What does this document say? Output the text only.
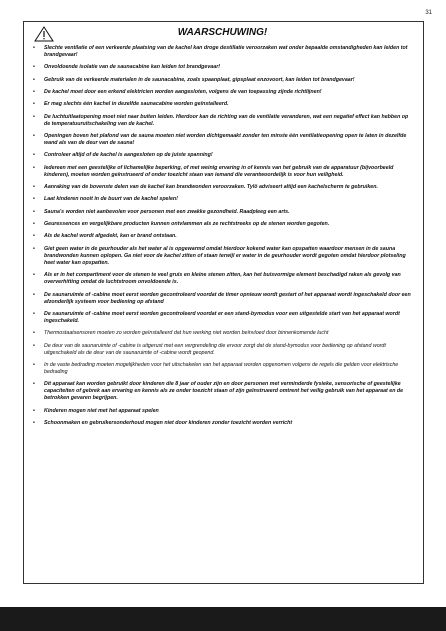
31
WAARSCHUWING!
• Slechte ventilatie of een verkeerde plaatsing van de kachel kan droge destillatie veroorzaken wat onder bepaalde omstandigheden kan leiden tot brandgevaar!
• Onvoldoende isolatie van de saunacabine kan leiden tot brandgevaar!
• Gebruik van de verkeerde materialen in de saunacabine, zoals spaanplaat, gipsplaat enzovoort, kan leiden tot brandgevaar!
• De kachel moet door een erkend elektricien worden aangesloten, volgens de van toepassing zijnde richtlijnen!
• Er mag slechts één kachel in dezelfde saunacabine worden geïnstalleerd.
• De luchtuitlaatopening moet niet naar buiten leiden. Hierdoor kan de richting van de ventilatie veranderen, wat een negatief effect kan hebben op de temperatuuruitschakeling van de kachel.
• Openingen boven het plafond van de sauna moeten niet worden dichtgemaakt zonder ten minste één ventilatieopening open te laten in dezelfde wand als van de deur van de sauna!
• Controleer altijd of de kachel is aangesloten op de juiste spanning!
• Iedereen met een geestelijke of lichamelijke beperking, of met weinig ervaring in of kennis van het gebruik van de apparatuur (bijvoorbeeld kinderen), moeten worden geïnstrueerd of onder toezicht staan van iemand die verantwoordelijk is voor hun veiligheid.
• Aanraking van de bovenste delen van de kachel kan brandwonden veroorzaken. Tylö adviseert altijd een kachelscherm te gebruiken.
• Laat kinderen nooit in de buurt van de kachel spelen!
• Sauna's worden niet aanbevolen voor personen met een zwakke gezondheid. Raadpleeg een arts.
• Geuressences en vergelijkbare producten kunnen ontvlammen als ze rechtstreeks op de stenen worden gegoten.
• Als de kachel wordt afgedekt, kan er brand ontstaan.
• Giet geen water in de geurhouder als het water al is opgewarmd omdat hierdoor kokend water kan opspatten waardoor mensen in de sauna brandwonden kunnen oplopen. Ga niet voor de kachel zitten of staan terwijl er water in de geurhouder wordt gegoten omdat hierdoor plotseling heet water kan opspatten.
• Als er in het compartiment voor de stenen te veel gruis en kleine stenen zitten, kan het buisvormige element beschadigd raken als gevolg van oververhitting omdat de luchtstroom onvoldoende is.
• De saunaruimte of -cabine moet eerst worden gecontroleerd voordat de timer opnieuw wordt gestart of het apparaat wordt ingeschakeld door een afzonderlijk systeem voor bediening op afstand
• De saunaruimte of -cabine moet eerst worden gecontroleerd voordat er een stand-bymodus voor een uitgestelde start van het apparaat wordt ingeschakeld.
• Thermostaatsensoren moeten zo worden geïnstalleerd dat hun werking niet worden beïnvloed door binnenkomende lucht
• De deur van de saunaruimte of -cabine is uitgerust met een vergrendeling die ervoor zorgt dat de stand-bymodus voor bediening op afstand wordt uitgeschakeld als de deur van de saunaruimte of -cabine wordt geopend.
• In de vaste bedrading moeten mogelijkheden voor het uitschakelen van het apparaat worden opgenomen volgens de regels die gelden voor elektrische bedrading
• Dit apparaat kan worden gebruikt door kinderen die 8 jaar of ouder zijn en door personen met verminderde fysieke, sensorische of geestelijke capaciteiten of gebrek aan ervaring en kennis als ze onder toezicht staan of zijn geïnstrueerd omtrent het veilig gebruik van het apparaat en de betrokken gevaren begrijpen.
• Kinderen mogen niet met het apparaat spelen
• Schoonmaken en gebruikersonderhoud mogen niet door kinderen zonder toezicht worden verricht
